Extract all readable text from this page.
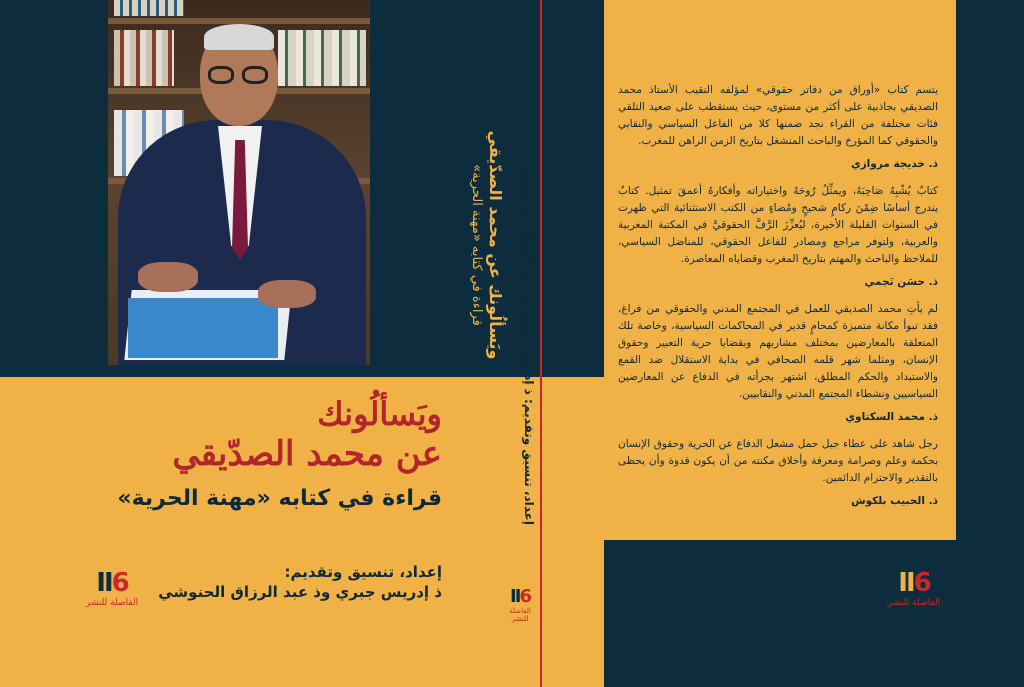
ويَسألُونك
عن محمد الصدّيقي
قراءة في كتابه «مهنة الحرية»
إعداد، تنسيق وتقديم:
ذ إدريس جبري وذ عبد الرزاق الحنوشي
II6
الفاصلة للنشر
ويَسألُونك عن محمد الصدّيقي
قراءة في كتابه «مهنة الحرية»	إعداد، تنسيق وتقديم: ذ إدريس جبري وذ عبد الرزاق الحنوشي
II6
الفاصلة للنشر

يتسم كتاب «أوراق من دفاتر حقوقي» لمؤلفه النقيب الأستاذ محمد الصديقي بجاذبية على أكثر من مستوى، حيث يستقطب على صعيد التلقي فئات مختلفة من القراء نجد ضمنها كلا من الفاعل السياسي والنقابي والحقوقي كما المؤرخ والباحث المنشغل بتاريخ الزمن الراهن للمغرب.

ذ. خديجة مروازي

كتابٌ يُشْبِهُ صَاحِبَهُ، ويمثِّلُ رُوحَهُ واختياراته وأفكارهُ أعمقَ تمثيل. كتابٌ يندرج أساسًا ضِمْنَ ركامٍ شحيحٍ ومُضاءٍ من الكتب الاستثنائية التي ظهرت في السنوات القليلة الأخيرة، ليُعزِّزَ الرَّفَّ الحقوقيَّ في المكتبة المغربية والعربية، ولتوفر مراجع ومصادر للفاعل الحقوقي، للمناضل السياسي، للملاحظ والباحث والمهتم بتاريخ المغرب وقضاياه المعاصرة.

ذ. حسَن نَجمي

لم يأتِ محمد الصديقي للعمل في المجتمع المدني والحقوقي من فراغ، فقد تبوأ مكانة متميزة كمحامٍ قدير في المحاكمات السياسية، وخاصة تلك المتعلقة بالمعارضين بمختلف مشاربهم وبقضايا حرية التعبير وحقوق الإنسان، ومثلما شهر قلمه الصحافي في بداية الاستقلال ضد القمع والاستبداد والحكم المطلق، اشتهر بجرأته في الدفاع عن المعارضين السياسيين ونشطاء المجتمع المدني والنقابيين.

ذ. محمد السكتاوي

رجل شاهد على عطاء جيل حمل مشعل الدفاع عن الحرية وحقوق الإنسان بحكمة وعلم وصرامة ومعرفة وأخلاق مكنته من أن يكون قدوة وأن يحظى بالتقدير والاحترام الدائمين.

ذ. الحبيب بلكوش

II6
الفاصلة للنشر
